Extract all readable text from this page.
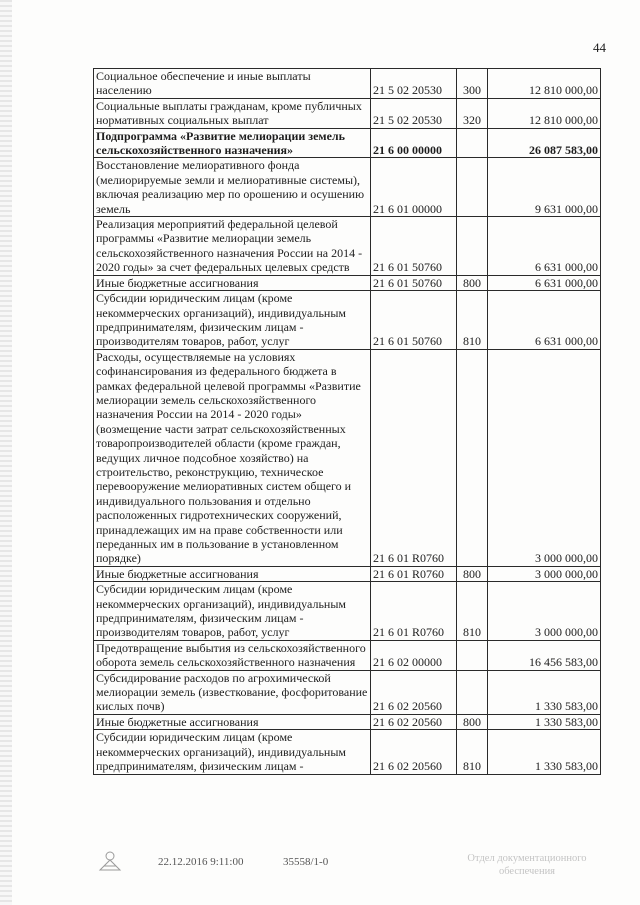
44
Социальное обеспечение и иные выплаты населению	21 5 02 20530	300	12 810 000,00
Социальные выплаты гражданам, кроме публичных нормативных социальных выплат	21 5 02 20530	320	12 810 000,00
Подпрограмма «Развитие мелиорации земель сельскохозяйственного назначения»	21 6 00 00000		26 087 583,00
Восстановление мелиоративного фонда (мелиорируемые земли и мелиоративные системы), включая реализацию мер по орошению и осушению земель	21 6 01 00000		9 631 000,00
Реализация мероприятий федеральной целевой программы «Развитие мелиорации земель сельскохозяйственного назначения России на 2014 - 2020 годы» за счет федеральных целевых средств	21 6 01 50760		6 631 000,00
Иные бюджетные ассигнования	21 6 01 50760	800	6 631 000,00
Субсидии юридическим лицам (кроме некоммерческих организаций), индивидуальным предпринимателям, физическим лицам - производителям товаров, работ, услуг	21 6 01 50760	810	6 631 000,00
Расходы, осуществляемые на условиях софинансирования из федерального бюджета в рамках федеральной целевой программы «Развитие мелиорации земель сельскохозяйственного назначения России на 2014 - 2020 годы» (возмещение части затрат сельскохозяйственных товаропроизводителей области (кроме граждан, ведущих личное подсобное хозяйство) на строительство, реконструкцию, техническое перевооружение мелиоративных систем общего и индивидуального пользования и отдельно расположенных гидротехнических сооружений, принадлежащих им на праве собственности или переданных им в пользование в установленном порядке)	21 6 01 R0760		3 000 000,00
Иные бюджетные ассигнования	21 6 01 R0760	800	3 000 000,00
Субсидии юридическим лицам (кроме некоммерческих организаций), индивидуальным предпринимателям, физическим лицам - производителям товаров, работ, услуг	21 6 01 R0760	810	3 000 000,00
Предотвращение выбытия из сельскохозяйственного оборота земель сельскохозяйственного назначения	21 6 02 00000		16 456 583,00
Субсидирование расходов по агрохимической мелиорации земель (известкование, фосфоритование кислых почв)	21 6 02 20560		1 330 583,00
Иные бюджетные ассигнования	21 6 02 20560	800	1 330 583,00
Субсидии юридическим лицам (кроме некоммерческих организаций), индивидуальным предпринимателям, физическим лицам -	21 6 02 20560	810	1 330 583,00
22.12.2016 9:11:00	35558/1-0	Отдел документационного
обеспечения
